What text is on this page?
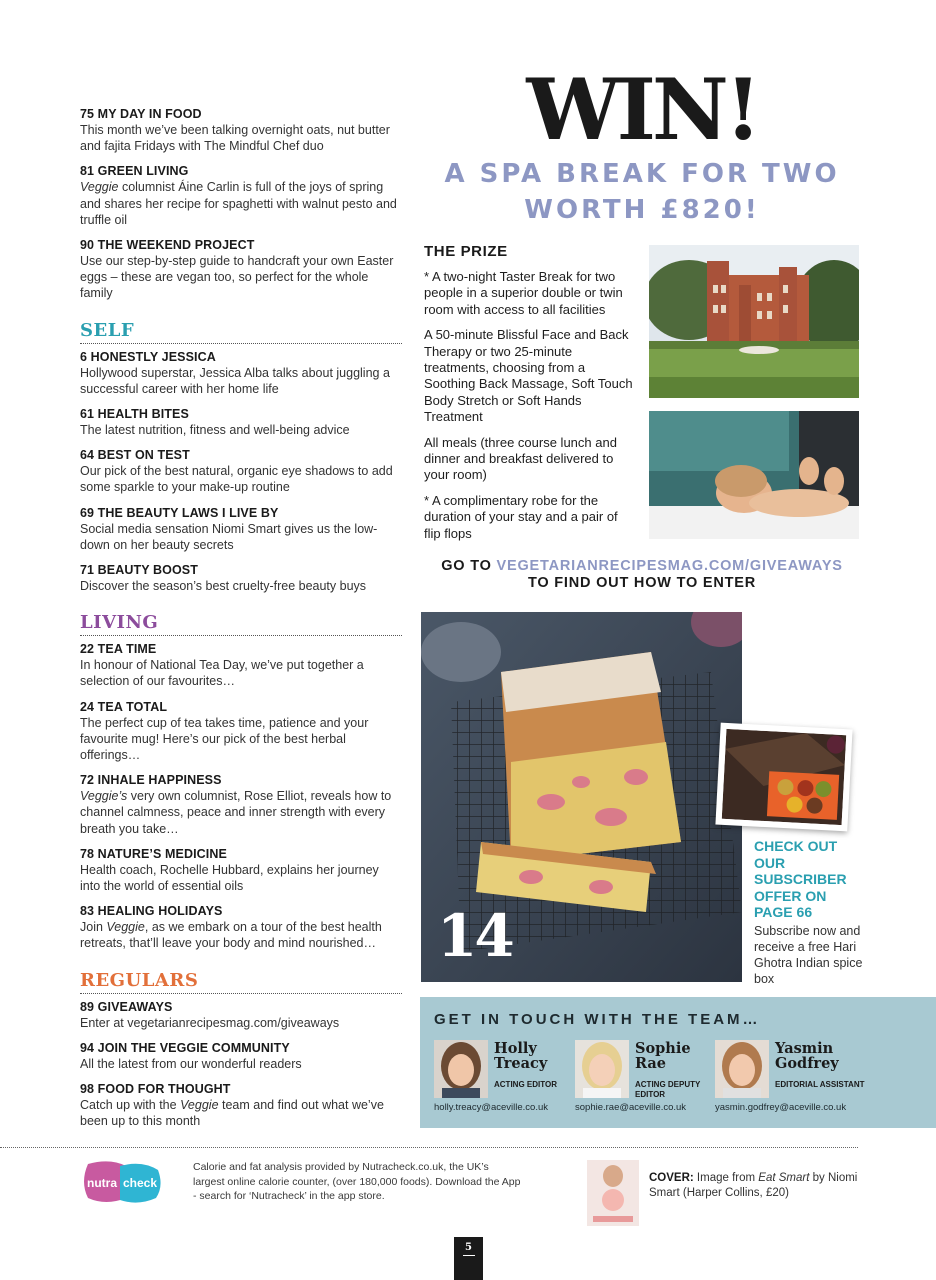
75 MY DAY IN FOOD
This month we’ve been talking overnight oats, nut butter and fajita Fridays with The Mindful Chef duo
81 GREEN LIVING
Veggie columnist Áine Carlin is full of the joys of spring and shares her recipe for spaghetti with walnut pesto and truffle oil
90 THE WEEKEND PROJECT
Use our step-by-step guide to handcraft your own Easter eggs – these are vegan too, so perfect for the whole family
SELF
6 HONESTLY JESSICA
Hollywood superstar, Jessica Alba talks about juggling a successful career with her home life
61 HEALTH BITES
The latest nutrition, fitness and well-being advice
64 BEST ON TEST
Our pick of the best natural, organic eye shadows to add some sparkle to your make-up routine
69 THE BEAUTY LAWS I LIVE BY
Social media sensation Niomi Smart gives us the low-down on her beauty secrets
71 BEAUTY BOOST
Discover the season’s best cruelty-free beauty buys
LIVING
22 TEA TIME
In honour of National Tea Day, we’ve put together a selection of our favourites…
24 TEA TOTAL
The perfect cup of tea takes time, patience and your favourite mug! Here’s our pick of the best herbal offerings…
72 INHALE HAPPINESS
Veggie’s very own columnist, Rose Elliot, reveals how to channel calmness, peace and inner strength with every breath you take…
78 NATURE’S MEDICINE
Health coach, Rochelle Hubbard, explains her journey into the world of essential oils
83 HEALING HOLIDAYS
Join Veggie, as we embark on a tour of the best health retreats, that’ll leave your body and mind nourished…
REGULARS
89 GIVEAWAYS
Enter at vegetarianrecipesmag.com/giveaways
94 JOIN THE VEGGIE COMMUNITY
All the latest from our wonderful readers
98 FOOD FOR THOUGHT
Catch up with the Veggie team and find out what we’ve been up to this month
WIN!
A SPA BREAK FOR TWO
WORTH £820!
THE PRIZE
* A two-night Taster Break for two people in a superior double or twin room with access to all facilities
A 50-minute Blissful Face and Back Therapy or two 25-minute treatments, choosing from a Soothing Back Massage, Soft Touch Body Stretch or Soft Hands Treatment
All meals (three course lunch and dinner and breakfast delivered to your room)
* A complimentary robe for the duration of your stay and a pair of flip flops
GO TO VEGETARIANRECIPESMAG.COM/GIVEAWAYS
TO FIND OUT HOW TO ENTER
14
CHECK OUT OUR SUBSCRIBER OFFER ON PAGE 66
Subscribe now and receive a free Hari Ghotra Indian spice box
GET IN TOUCH WITH THE TEAM…
Holly
Treacy
ACTING EDITOR
holly.treacy@aceville.co.uk
Sophie
Rae
ACTING DEPUTY EDITOR
sophie.rae@aceville.co.uk
Yasmin
Godfrey
EDITORIAL ASSISTANT
yasmin.godfrey@aceville.co.uk
nutra check
Calorie and fat analysis provided by Nutracheck.co.uk, the UK’s largest online calorie counter, (over 180,000 foods). Download the App - search for ‘Nutracheck’ in the app store.
COVER: Image from Eat Smart by Niomi Smart (Harper Collins, £20)
5
